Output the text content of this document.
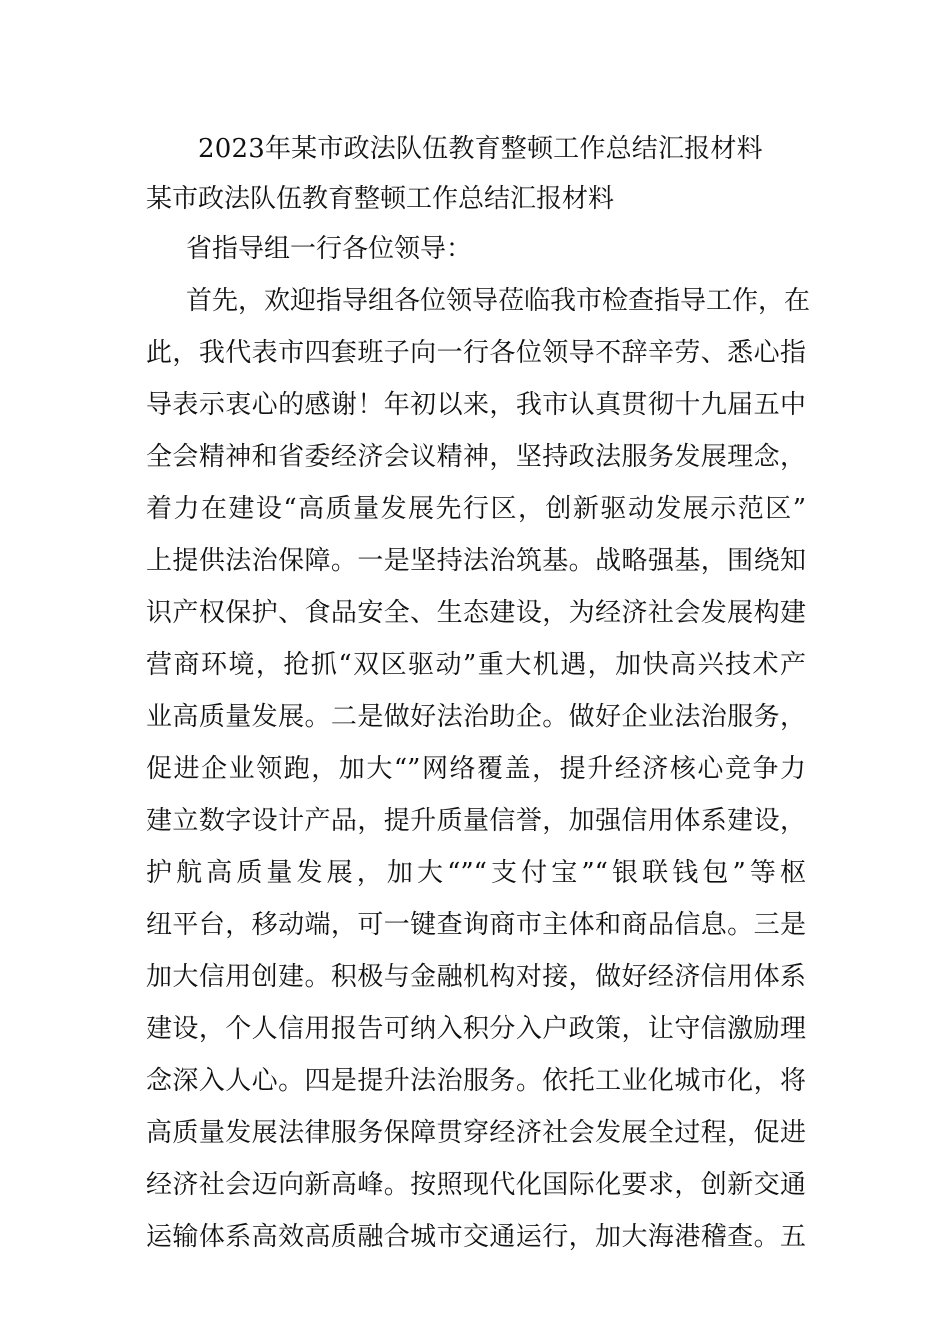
2023年某市政法队伍教育整顿工作总结汇报材料
某市政法队伍教育整顿工作总结汇报材料
省指导组一行各位领导：
首先，欢迎指导组各位领导莅临我市检查指导工作，在
此，我代表市四套班子向一行各位领导不辞辛劳、悉心指
导表示衷心的感谢！年初以来，我市认真贯彻十九届五中
全会精神和省委经济会议精神，坚持政法服务发展理念，
着力在建设“高质量发展先行区，创新驱动发展示范区”
上提供法治保障。一是坚持法治筑基。战略强基，围绕知
识产权保护、食品安全、生态建设，为经济社会发展构建
营商环境，抢抓“双区驱动”重大机遇，加快高兴技术产
业高质量发展。二是做好法治助企。做好企业法治服务，
促进企业领跑，加大“”网络覆盖，提升经济核心竞争力
建立数字设计产品，提升质量信誉，加强信用体系建设，
护航高质量发展，加大“”“支付宝”“银联钱包”等枢
纽平台，移动端，可一键查询商市主体和商品信息。三是
加大信用创建。积极与金融机构对接，做好经济信用体系
建设，个人信用报告可纳入积分入户政策，让守信激励理
念深入人心。四是提升法治服务。依托工业化城市化，将
高质量发展法律服务保障贯穿经济社会发展全过程，促进
经济社会迈向新高峰。按照现代化国际化要求，创新交通
运输体系高效高质融合城市交通运行，加大海港稽查。五
